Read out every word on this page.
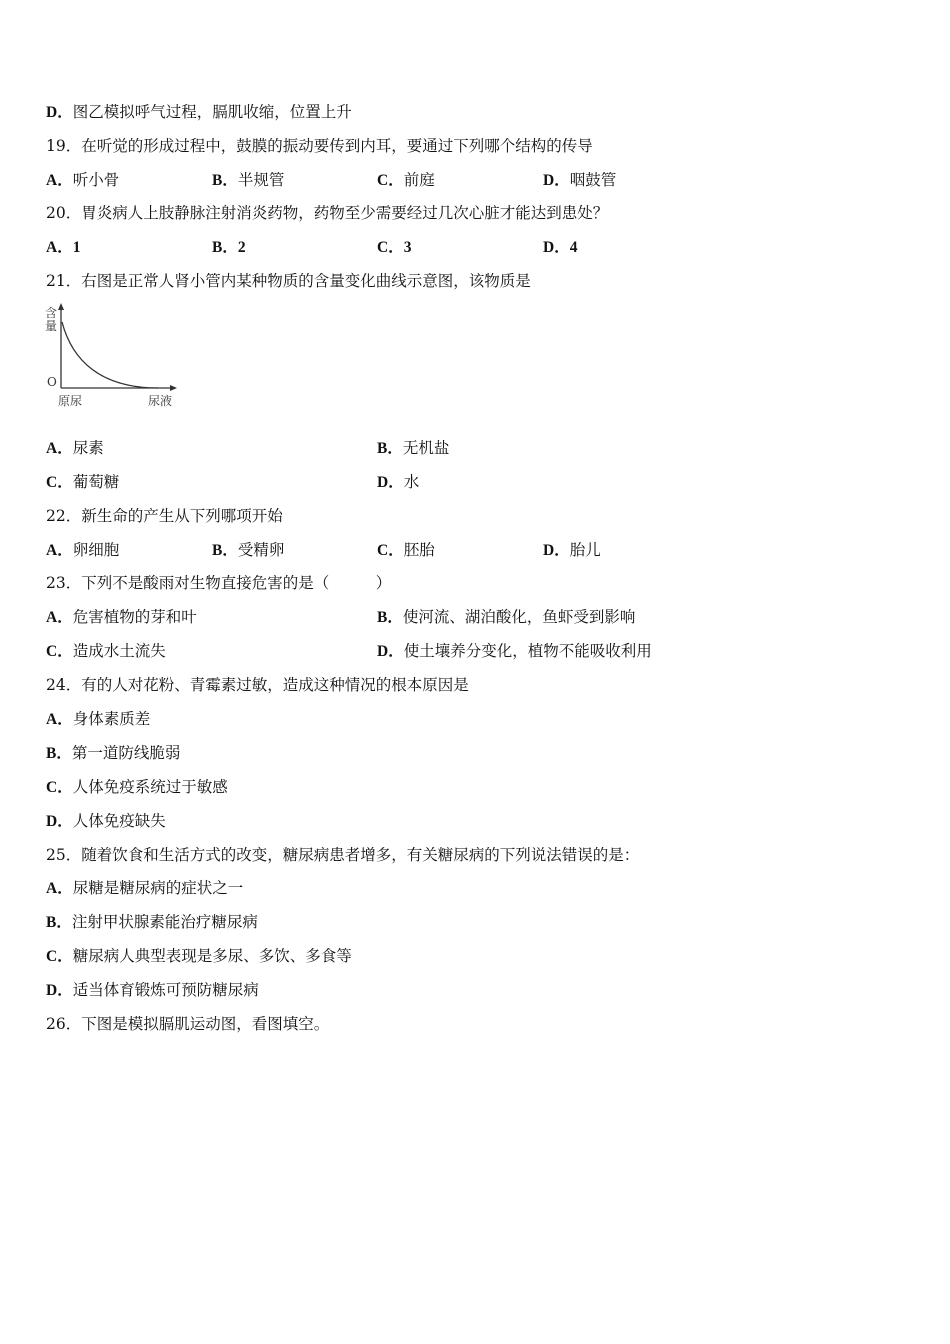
D．图乙模拟呼气过程，膈肌收缩，位置上升
19．在听觉的形成过程中，鼓膜的振动要传到内耳，要通过下列哪个结构的传导
A．听小骨	B．半规管	C．前庭	D．咽鼓管
20．胃炎病人上肢静脉注射消炎药物，药物至少需要经过几次心脏才能达到患处？
A．1	B．2	C．3	D．4
21．右图是正常人肾小管内某种物质的含量变化曲线示意图，该物质是
含
量
O
原尿	尿液
A．尿素	B．无机盐
C．葡萄糖	D．水
22．新生命的产生从下列哪项开始
A．卵细胞	B．受精卵	C．胚胎	D．胎儿
23．下列不是酸雨对生物直接危害的是（　　　）
A．危害植物的芽和叶	B．使河流、湖泊酸化，鱼虾受到影响
C．造成水土流失	D．使土壤养分变化，植物不能吸收利用
24．有的人对花粉、青霉素过敏，造成这种情况的根本原因是
A．身体素质差
B．第一道防线脆弱
C．人体免疫系统过于敏感
D．人体免疫缺失
25．随着饮食和生活方式的改变，糖尿病患者增多，有关糖尿病的下列说法错误的是：
A．尿糖是糖尿病的症状之一
B．注射甲状腺素能治疗糖尿病
C．糖尿病人典型表现是多尿、多饮、多食等
D．适当体育锻炼可预防糖尿病
26．下图是模拟膈肌运动图，看图填空。
